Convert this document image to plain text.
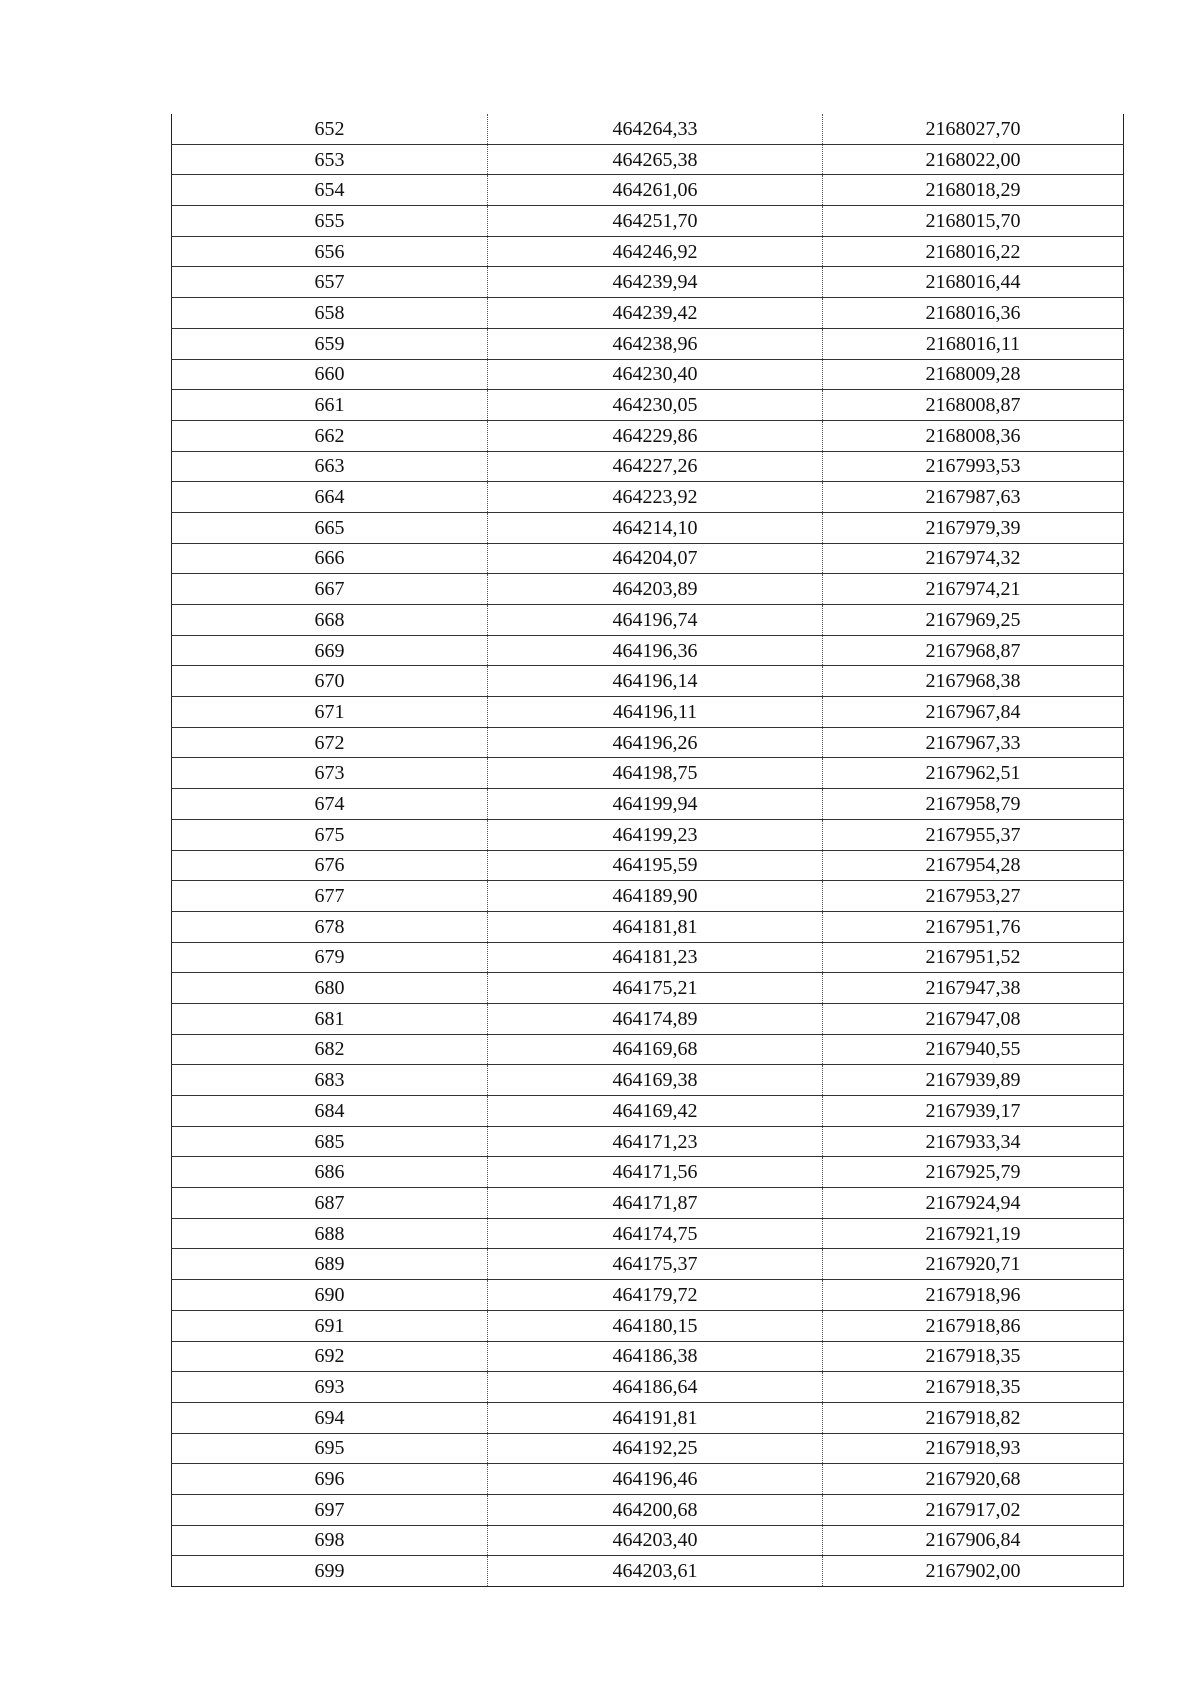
652	464264,33	2168027,70
653	464265,38	2168022,00
654	464261,06	2168018,29
655	464251,70	2168015,70
656	464246,92	2168016,22
657	464239,94	2168016,44
658	464239,42	2168016,36
659	464238,96	2168016,11
660	464230,40	2168009,28
661	464230,05	2168008,87
662	464229,86	2168008,36
663	464227,26	2167993,53
664	464223,92	2167987,63
665	464214,10	2167979,39
666	464204,07	2167974,32
667	464203,89	2167974,21
668	464196,74	2167969,25
669	464196,36	2167968,87
670	464196,14	2167968,38
671	464196,11	2167967,84
672	464196,26	2167967,33
673	464198,75	2167962,51
674	464199,94	2167958,79
675	464199,23	2167955,37
676	464195,59	2167954,28
677	464189,90	2167953,27
678	464181,81	2167951,76
679	464181,23	2167951,52
680	464175,21	2167947,38
681	464174,89	2167947,08
682	464169,68	2167940,55
683	464169,38	2167939,89
684	464169,42	2167939,17
685	464171,23	2167933,34
686	464171,56	2167925,79
687	464171,87	2167924,94
688	464174,75	2167921,19
689	464175,37	2167920,71
690	464179,72	2167918,96
691	464180,15	2167918,86
692	464186,38	2167918,35
693	464186,64	2167918,35
694	464191,81	2167918,82
695	464192,25	2167918,93
696	464196,46	2167920,68
697	464200,68	2167917,02
698	464203,40	2167906,84
699	464203,61	2167902,00
